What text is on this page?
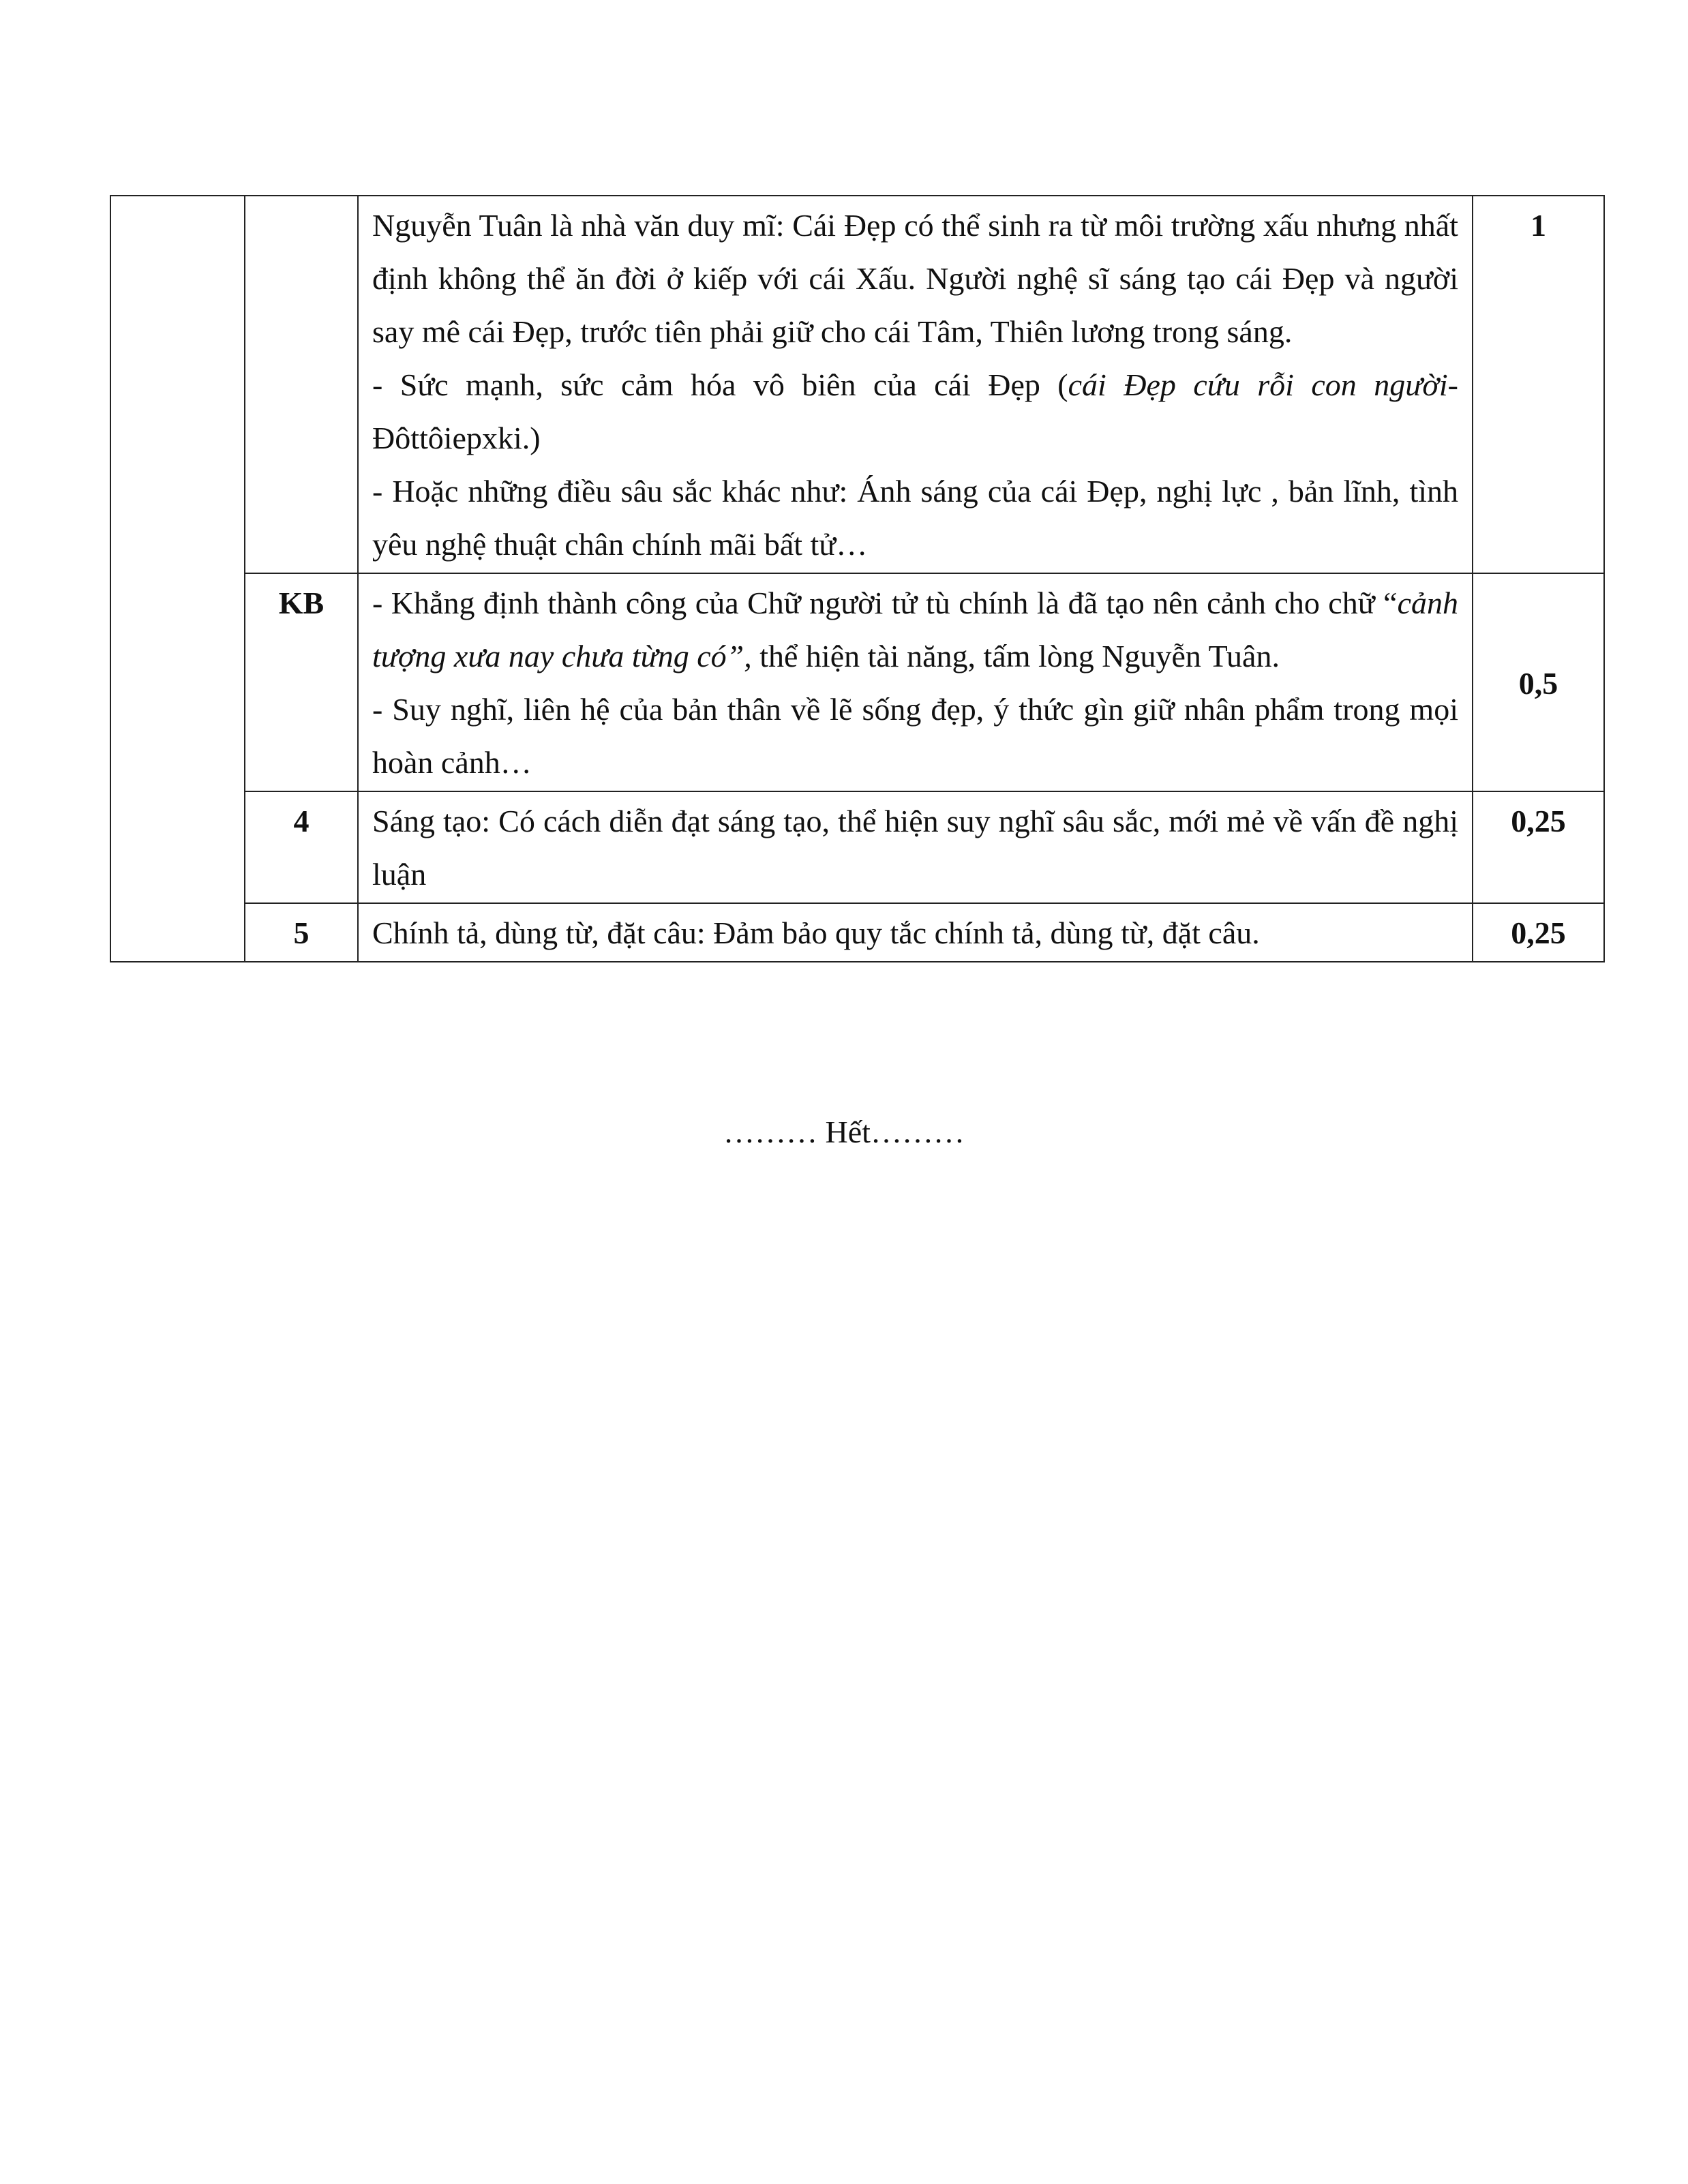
		Nguyễn Tuân là nhà văn duy mĩ: Cái Đẹp có thể sinh ra từ môi trường xấu nhưng nhất định không thể ăn đời ở kiếp với cái Xấu. Người nghệ sĩ sáng tạo cái Đẹp và người say mê cái Đẹp, trước tiên phải giữ cho cái Tâm, Thiên lương trong sáng.

- Sức mạnh, sức cảm hóa vô biên của cái Đẹp (cái Đẹp cứu rỗi con người- Đôttôiepxki.)

- Hoặc những điều sâu sắc khác như: Ánh sáng của cái Đẹp, nghị lực , bản lĩnh, tình yêu nghệ thuật chân chính mãi bất tử…	1
	KB	- Khẳng định thành công của Chữ người tử tù chính là đã tạo nên cảnh cho chữ “cảnh tượng xưa nay chưa từng có”, thể hiện tài năng, tấm lòng Nguyễn Tuân.

- Suy nghĩ, liên hệ của bản thân về lẽ sống đẹp, ý thức gìn giữ nhân phẩm trong mọi hoàn cảnh…	0,5
	4	Sáng tạo: Có cách diễn đạt sáng tạo, thể hiện suy nghĩ sâu sắc, mới mẻ về vấn đề nghị luận	0,25
	5	Chính tả, dùng từ, đặt câu: Đảm bảo quy tắc chính tả, dùng từ, đặt câu.	0,25
……… Hết………
